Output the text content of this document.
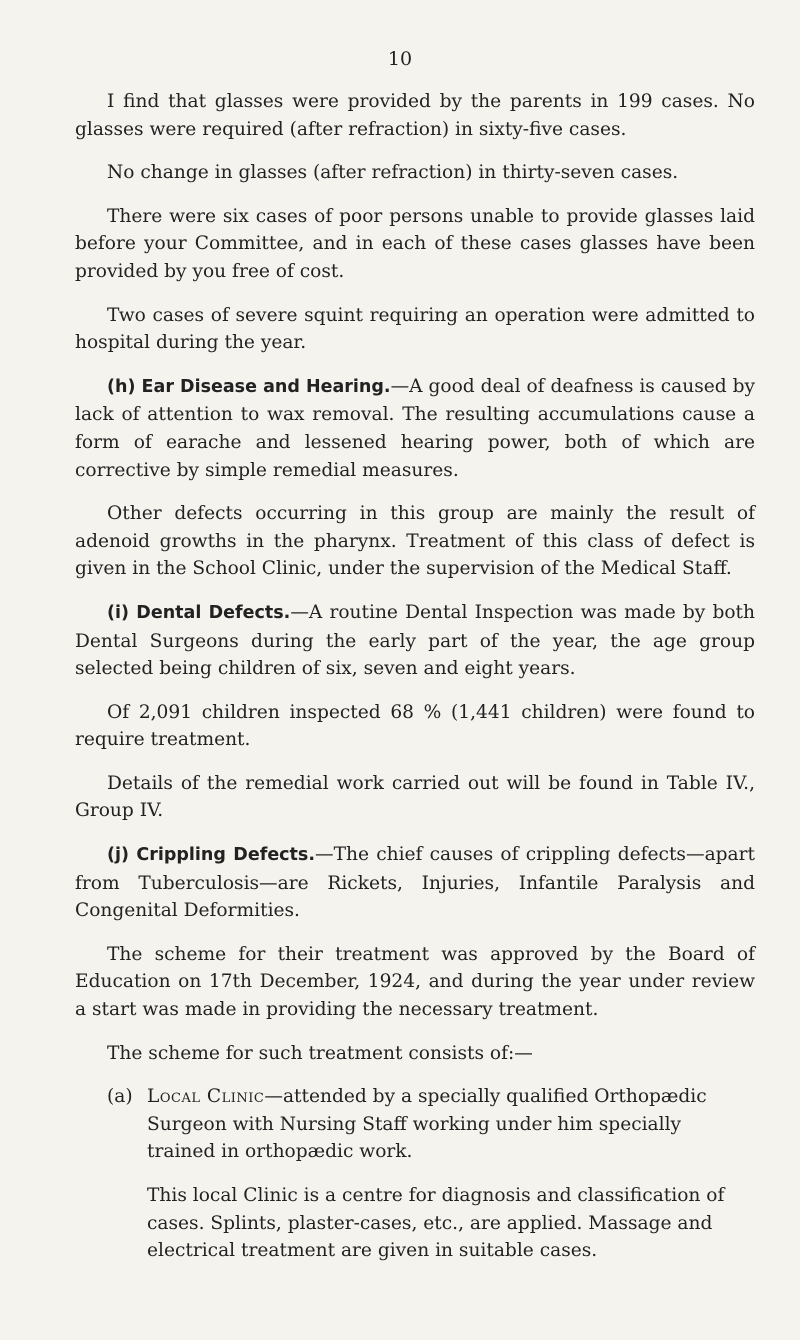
10

I find that glasses were provided by the parents in 199 cases. No glasses were required (after refraction) in sixty-five cases.

No change in glasses (after refraction) in thirty-seven cases.

There were six cases of poor persons unable to provide glasses laid before your Committee, and in each of these cases glasses have been provided by you free of cost.

Two cases of severe squint requiring an operation were admitted to hospital during the year.

(h) Ear Disease and Hearing.—A good deal of deafness is caused by lack of attention to wax removal. The resulting accumulations cause a form of earache and lessened hearing power, both of which are corrective by simple remedial measures.

Other defects occurring in this group are mainly the result of adenoid growths in the pharynx. Treatment of this class of defect is given in the School Clinic, under the supervision of the Medical Staff.

(i) Dental Defects.—A routine Dental Inspection was made by both Dental Surgeons during the early part of the year, the age group selected being children of six, seven and eight years.

Of 2,091 children inspected 68 % (1,441 children) were found to require treatment.

Details of the remedial work carried out will be found in Table IV., Group IV.

(j) Crippling Defects.—The chief causes of crippling defects—apart from Tuberculosis—are Rickets, Injuries, Infantile Paralysis and Congenital Deformities.

The scheme for their treatment was approved by the Board of Education on 17th December, 1924, and during the year under review a start was made in providing the necessary treatment.

The scheme for such treatment consists of:—

(a) Local Clinic—attended by a specially qualified Orthopædic Surgeon with Nursing Staff working under him specially trained in orthopædic work.
This local Clinic is a centre for diagnosis and classification of cases. Splints, plaster-cases, etc., are applied. Massage and electrical treatment are given in suitable cases.
